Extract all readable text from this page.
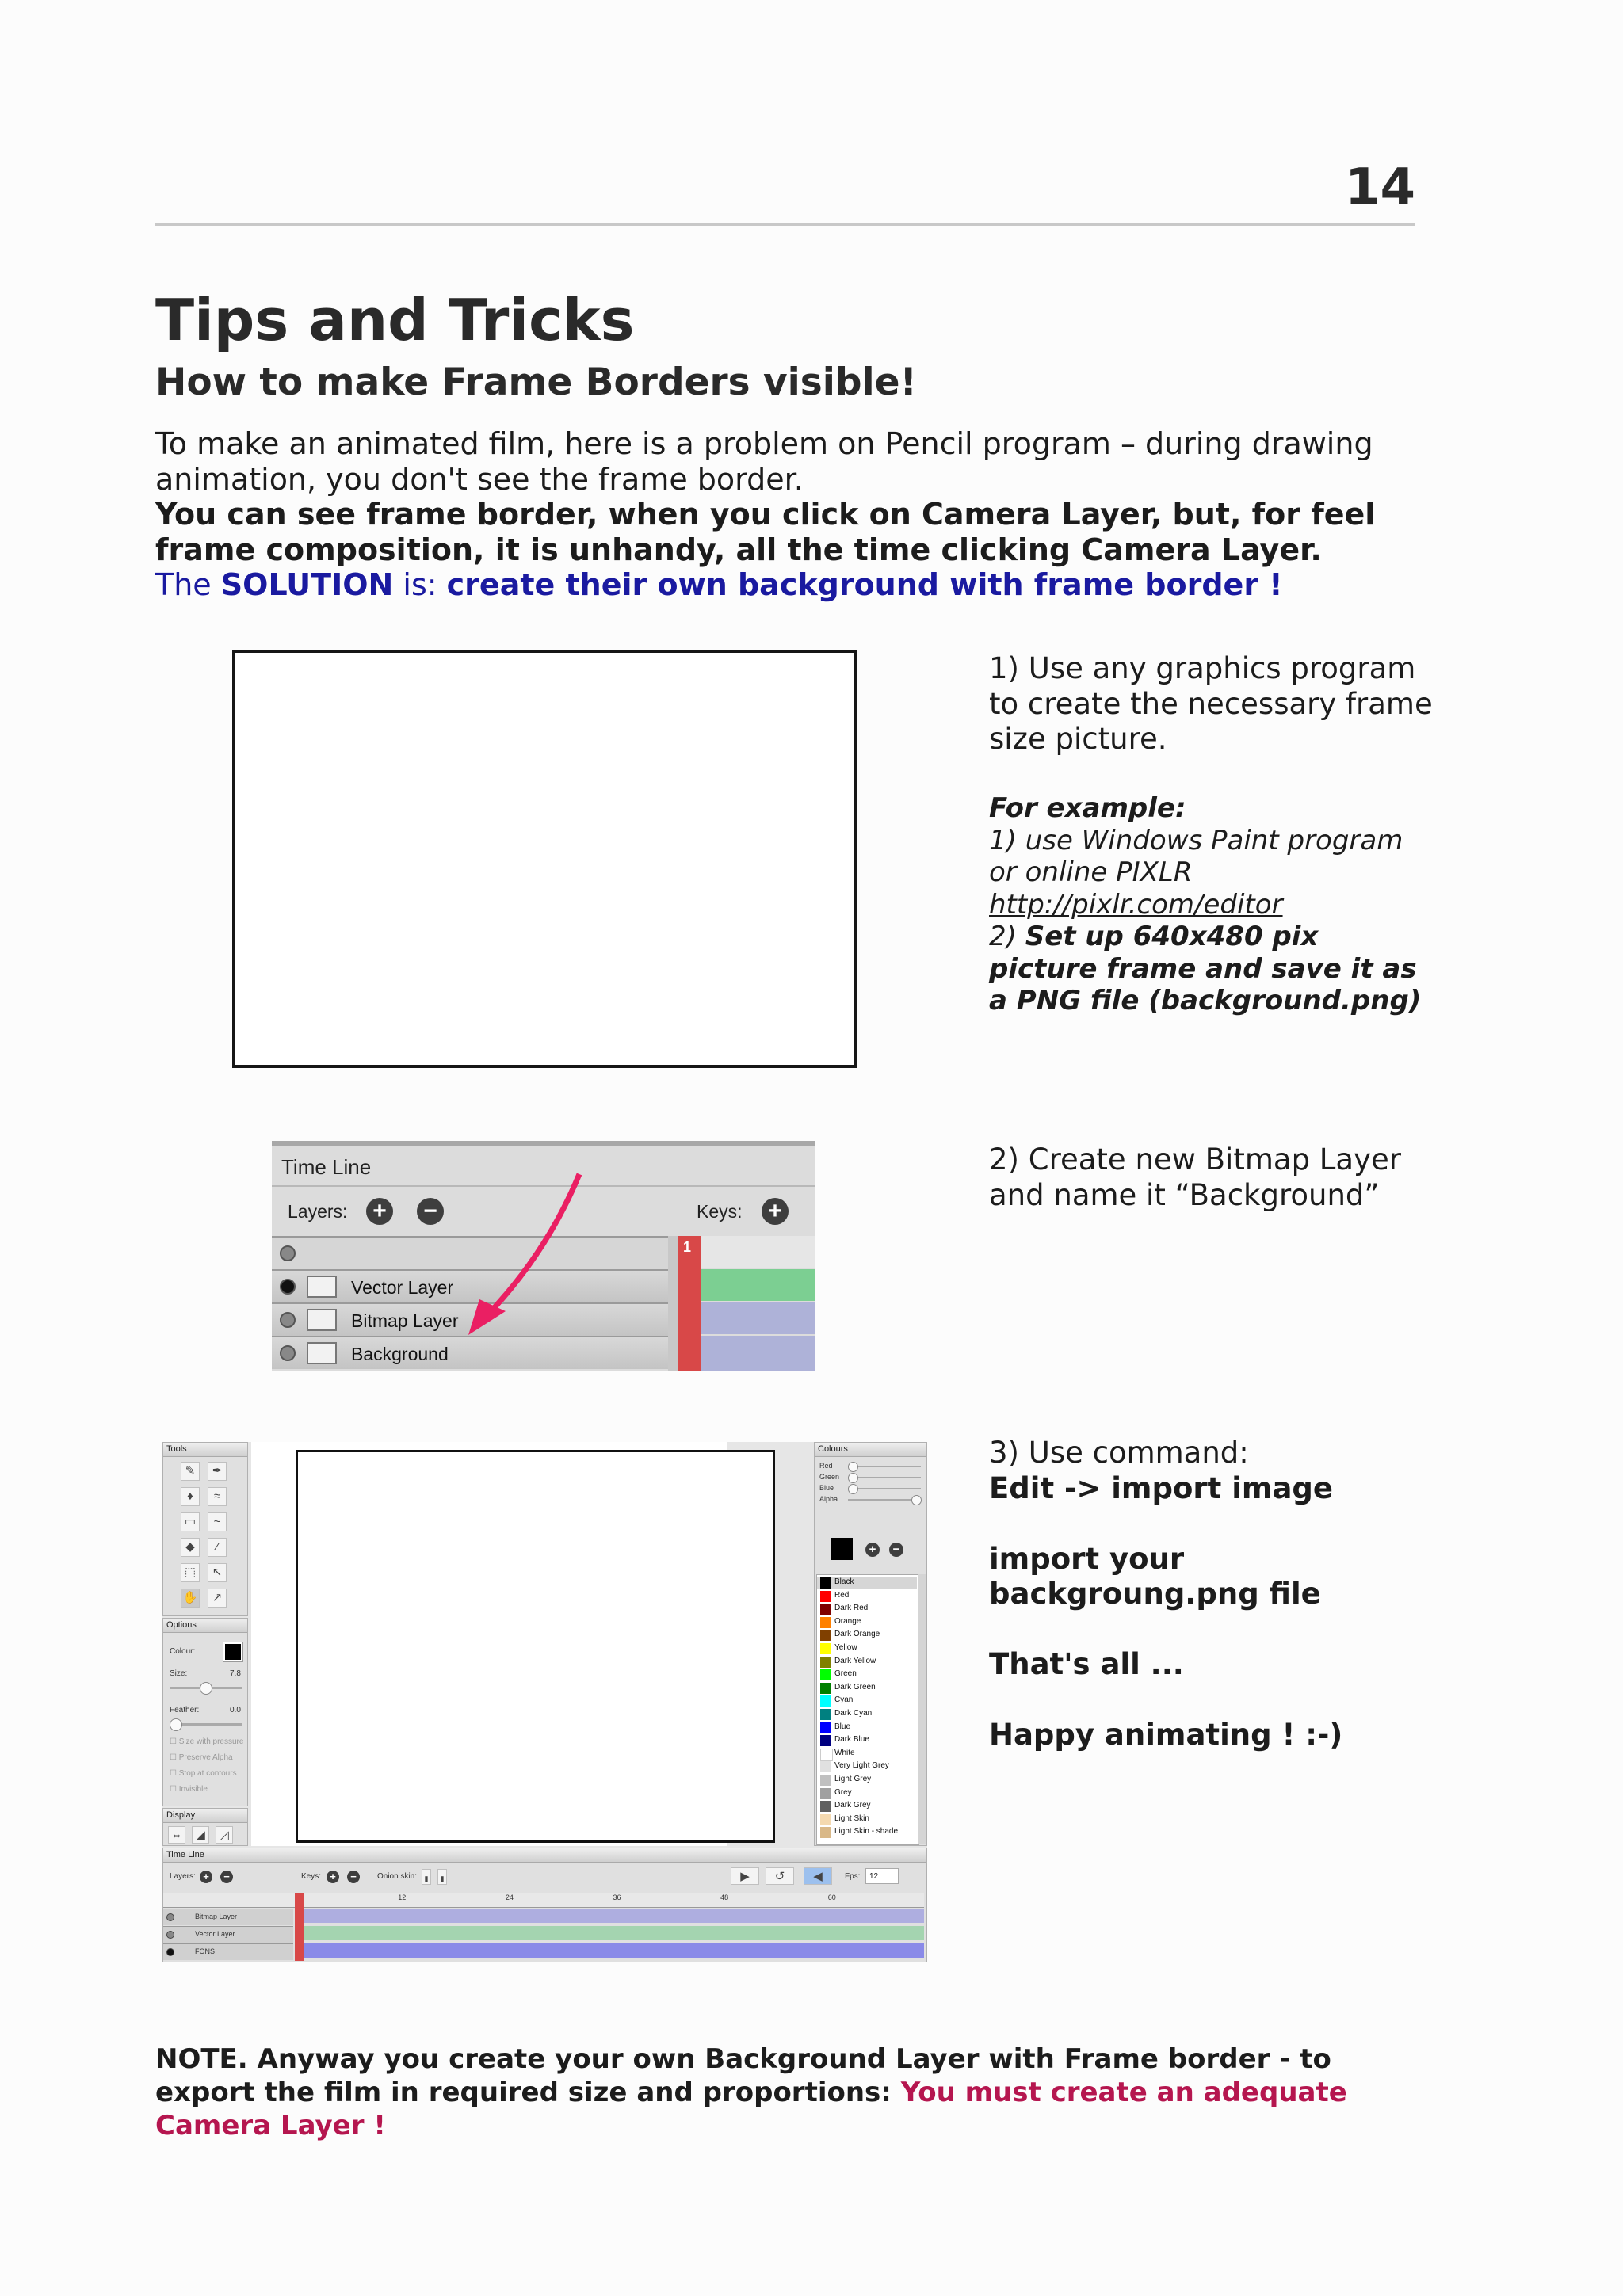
14
Tips and Tricks
How to make Frame Borders visible!
To make an animated film, here is a problem on Pencil program – during drawing animation, you don't see the frame border.
You can see frame border, when you click on Camera Layer, but, for feel frame composition, it is unhandy, all the time clicking Camera Layer.
The SOLUTION is: create their own background with frame border !
1) Use any graphics program to create the necessary frame size picture.
For example:
1) use Windows Paint program or online PIXLR
http://pixlr.com/editor
2) Set up 640x480 pix picture frame and save it as a PNG file (background.png)
Time Line
Layers: + −	Keys: +
Vector Layer
Bitmap Layer
Background
1
2) Create new Bitmap Layer and name it “Background”
Tools
✎	✒
♦	≈
▭	~
◆	⁄
⬚	↖
✋	↗
Options
Colour:
Size:	7.8
Feather:	0.0
☐ Size with pressure
☐ Preserve Alpha
☐ Stop at contours
☐ Invisible
Display
⇔	◢	◿
Colours
Red
Green
Blue
Alpha
+	−
Black
Red
Dark Red
Orange
Dark Orange
Yellow
Dark Yellow
Green
Dark Green
Cyan
Dark Cyan
Blue
Dark Blue
White
Very Light Grey
Light Grey
Grey
Dark Grey
Light Skin
Light Skin - shade
Time Line
Layers: +	−	Keys: +	−	Onion skin:	▮	▮	▶	↺	◀	Fps:	12
12	24	36	48	60
Bitmap Layer
Vector Layer
FONS
3) Use command:
Edit -> import image
import your backgroung.png file
That's all ...
Happy animating ! :-)
NOTE. Anyway you create your own Background Layer with Frame border - to export the film in required size and proportions: You must create an adequate Camera Layer !
